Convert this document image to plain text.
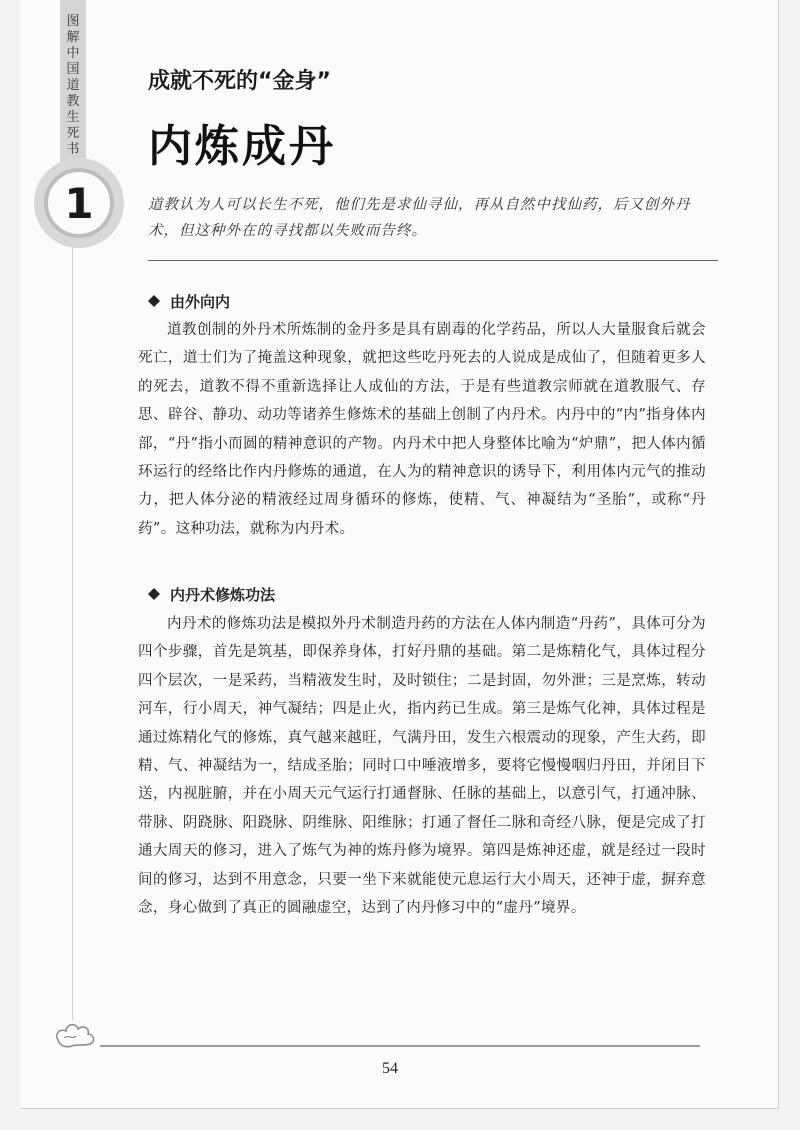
图解中国道教生死书
1
成就不死的“金身”
内炼成丹
道教认为人可以长生不死，他们先是求仙寻仙，再从自然中找仙药，后又创外丹术，但这种外在的寻找都以失败而告终。
由外向内
道教创制的外丹术所炼制的金丹多是具有剧毒的化学药品，所以人大量服食后就会死亡，道士们为了掩盖这种现象，就把这些吃丹死去的人说成是成仙了，但随着更多人的死去，道教不得不重新选择让人成仙的方法，于是有些道教宗师就在道教服气、存思、辟谷、静功、动功等诸养生修炼术的基础上创制了内丹术。内丹中的“内”指身体内部，“丹”指小而圆的精神意识的产物。内丹术中把人身整体比喻为“炉鼎”，把人体内循环运行的经络比作内丹修炼的通道，在人为的精神意识的诱导下，利用体内元气的推动力，把人体分泌的精液经过周身循环的修炼，使精、气、神凝结为“圣胎”，或称“丹药”。这种功法，就称为内丹术。
内丹术修炼功法
内丹术的修炼功法是模拟外丹术制造丹药的方法在人体内制造“丹药”，具体可分为四个步骤，首先是筑基，即保养身体，打好丹鼎的基础。第二是炼精化气，具体过程分四个层次，一是采药，当精液发生时，及时锁住；二是封固，勿外泄；三是烹炼，转动河车，行小周天，神气凝结；四是止火，指内药已生成。第三是炼气化神，具体过程是通过炼精化气的修炼，真气越来越旺，气满丹田，发生六根震动的现象，产生大药，即精、气、神凝结为一，结成圣胎；同时口中唾液增多，要将它慢慢咽归丹田，并闭目下送，内视脏腑，并在小周天元气运行打通督脉、任脉的基础上，以意引气，打通冲脉、带脉、阴跷脉、阳跷脉、阴维脉、阳维脉；打通了督任二脉和奇经八脉，便是完成了打通大周天的修习，进入了炼气为神的炼丹修为境界。第四是炼神还虚，就是经过一段时间的修习，达到不用意念，只要一坐下来就能使元息运行大小周天，还神于虚，摒弃意念，身心做到了真正的圆融虚空，达到了内丹修习中的“虚丹”境界。
54
